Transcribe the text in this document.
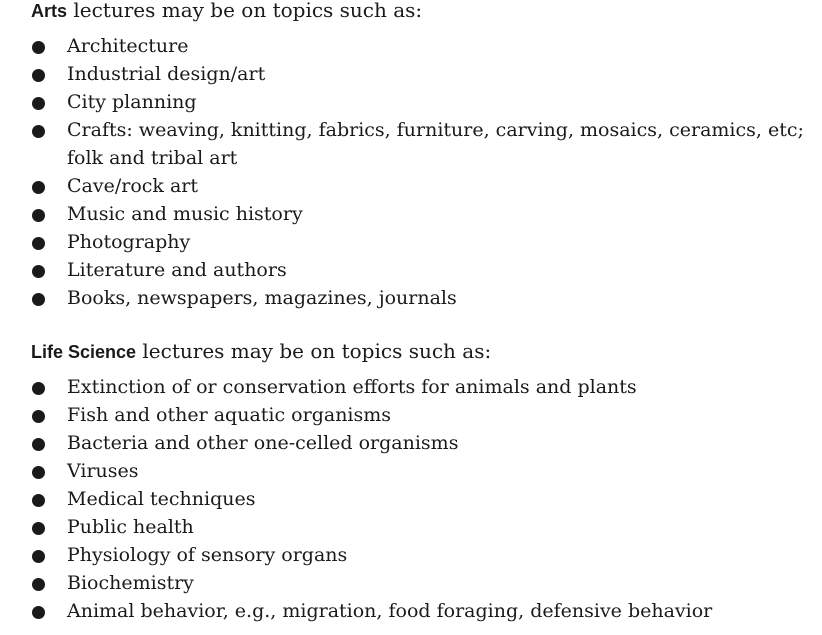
Arts lectures may be on topics such as:

Architecture
Industrial design/art
City planning
Crafts: weaving, knitting, fabrics, furniture, carving, mosaics, ceramics, etc; folk and tribal art
Cave/rock art
Music and music history
Photography
Literature and authors
Books, newspapers, magazines, journals

Life Science lectures may be on topics such as:

Extinction of or conservation efforts for animals and plants
Fish and other aquatic organisms
Bacteria and other one-celled organisms
Viruses
Medical techniques
Public health
Physiology of sensory organs
Biochemistry
Animal behavior, e.g., migration, food foraging, defensive behavior
